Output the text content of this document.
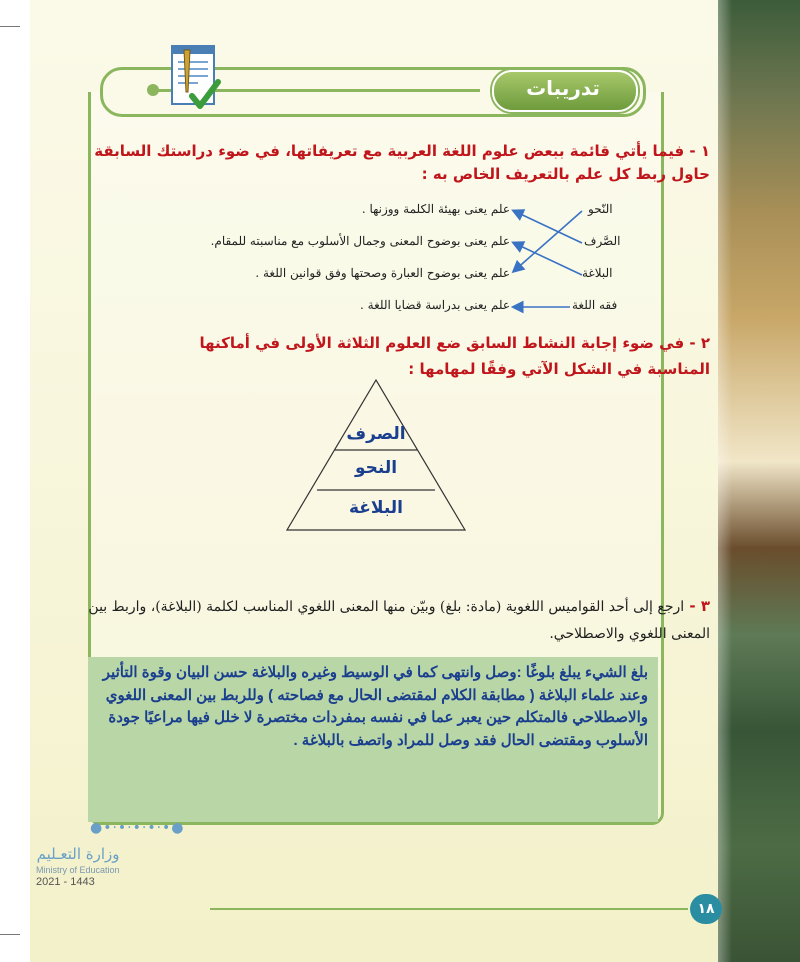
تدريبات
١ - فيما يأتي قائمة ببعض علوم اللغة العربية مع تعريفاتها، في ضوء دراستك السابقة حاول ربط كل علم بالتعريف الخاص به :
النّحو
الصَّرف
البلاغة
فقه اللغة
علم يعنى بهيئة الكلمة ووزنها .
علم يعنى بوضوح المعنى وجمال الأسلوب مع مناسبته للمقام.
علم يعنى بوضوح العبارة وصحتها وفق قوانين اللغة .
علم يعنى بدراسة قضايا اللغة .
٢ - في ضوء إجابة النشاط السابق ضع العلوم الثلاثة الأولى في أماكنها المناسبة في الشكل الآتي وفقًا لمهامها :
الصرف
النحو
البلاغة
٣ - ارجع إلى أحد القواميس اللغوية (مادة: بلغ) وبيّن منها المعنى اللغوي المناسب لكلمة (البلاغة)، واربط بين المعنى اللغوي والاصطلاحي.
بلغ الشيء يبلغ بلوغًا :وصل وانتهى كما في الوسيط وغيره والبلاغة حسن البيان وقوة التأثير وعند علماء البلاغة ( مطابقة الكلام لمقتضى الحال مع فصاحته ) وللربط بين المعنى اللغوي والاصطلاحي فالمتكلم حين يعبر عما في نفسه بمفردات مختصرة لا خلل فيها مراعيًا جودة الأسلوب ومقتضى الحال فقد وصل للمراد واتصف بالبلاغة .
●•·•·•·•·•●
وزارة التعـليم
Ministry of Education
2021 - 1443
١٨
